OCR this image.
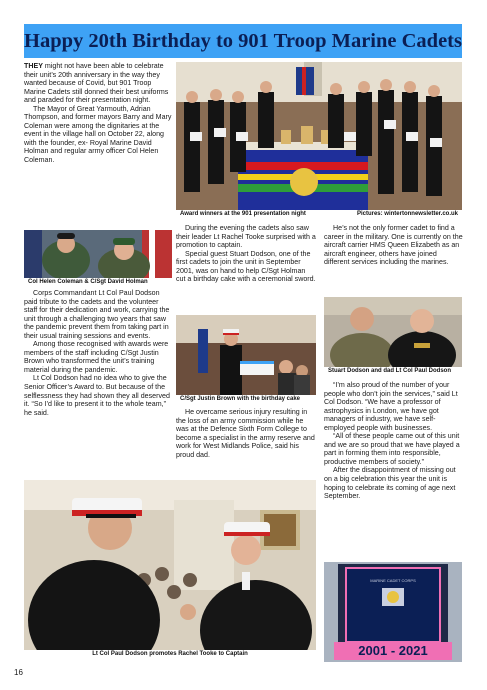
Happy 20th Birthday to 901 Troop Marine Cadets

THEY might not have been able to celebrate their unit’s 20th anniversary in the way they wanted because of Covid, but 901 Troop Marine Cadets still donned their best uniforms and paraded for their presentation night.

The Mayor of Great Yarmouth, Adrian Thompson, and former mayors Barry and Mary Coleman were among the dignitaries at the event in the village hall on October 22, along with the founder, ex- Royal Marine David Holman and regular army officer Col Helen Coleman.

Col Helen Coleman & C/Sgt David Holman

Corps Commandant Lt Col Paul Dodson paid tribute to the cadets and the volunteer staff for their dedication and work, carrying the unit through a challenging two years that saw the pandemic prevent them from taking part in their usual training sessions and events.

Among those recognised with awards were members of the staff including C/Sgt Justin Brown who transformed the unit’s training material during the pandemic.

Lt Col Dodson had no idea who to give the Senior Officer’s Award to. But because of the selflessness they had shown they all deserved it. “So I’d like to present it to the whole team,” he said.

Award winners at the 901 presentation night	Pictures: wintertonnewsletter.co.uk

During the evening the cadets also saw their leader Lt Rachel Tooke surprised with a promotion to captain.

Special guest Stuart Dodson, one of the first cadets to join the unit in September 2001, was on hand to help C/Sgt Holman cut a birthday cake with a ceremonial sword.

C/Sgt Justin Brown with the birthday cake

He overcame serious injury resulting in the loss of an army commission while he was at the Defence Sixth Form College to become a specialist in the army reserve and work for West Midlands Police, said his proud dad.

He’s not the only former cadet to find a career in the military. One is currently on the aircraft carrier HMS Queen Elizabeth as an aircraft engineer, others have joined different services including the marines.

Stuart Dodson and dad Lt Col Paul Dodson

“I’m also proud of the number of your people who don’t join the services,” said Lt Col Dodson. “We have a professor of astrophysics in London, we have got managers of industry, we have self-employed people with businesses.

“All of these people came out of this unit and we are so proud that we have played a part in forming them into responsible, productive members of society.”

After the disappointment of missing out on a big celebration this year the unit is hoping to celebrate its coming of age next September.

Lt Col Paul Dodson promotes Rachel Tooke to Captain
MARINE CADET CORPS
2001 - 2021
16
